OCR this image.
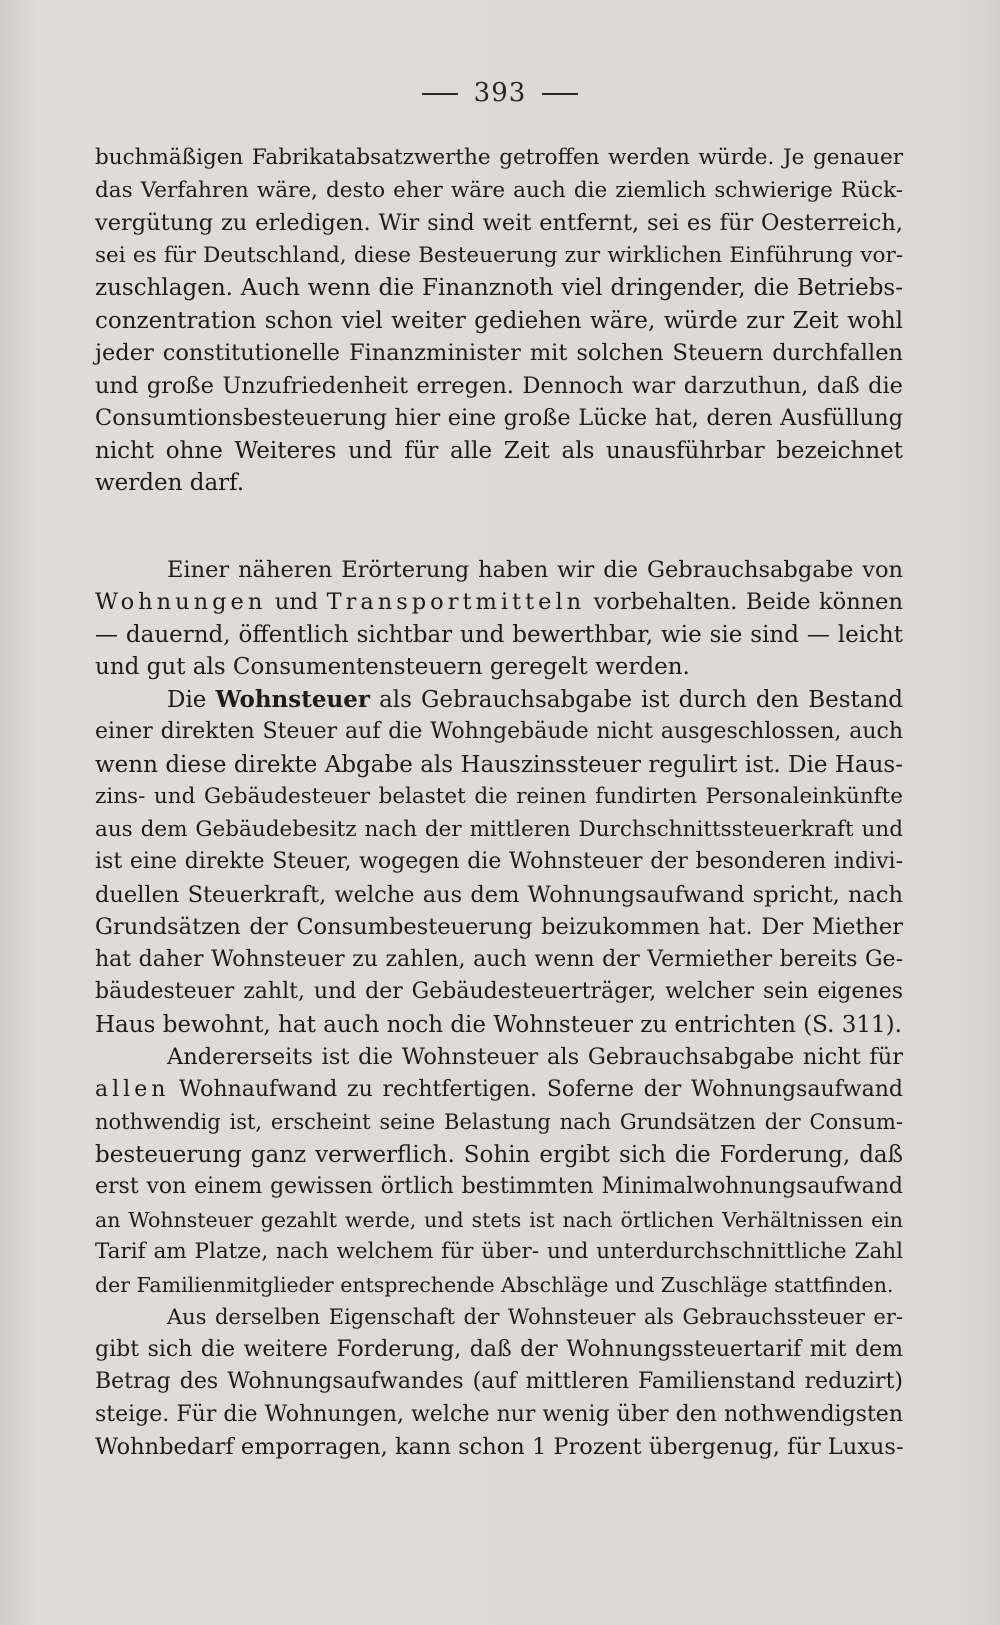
393
buchmäßigen Fabrikatabsatzwerthe getroffen werden würde. Je genauer
das Verfahren wäre, desto eher wäre auch die ziemlich schwierige Rück-
vergütung zu erledigen. Wir sind weit entfernt, sei es für Oesterreich,
sei es für Deutschland, diese Besteuerung zur wirklichen Einführung vor-
zuschlagen. Auch wenn die Finanznoth viel dringender, die Betriebs-
conzentration schon viel weiter gediehen wäre, würde zur Zeit wohl
jeder constitutionelle Finanzminister mit solchen Steuern durchfallen
und große Unzufriedenheit erregen. Dennoch war darzuthun, daß die
Consumtionsbesteuerung hier eine große Lücke hat, deren Ausfüllung
nicht ohne Weiteres und für alle Zeit als unausführbar bezeichnet
werden darf.
Einer näheren Erörterung haben wir die Gebrauchsabgabe von
Wohnungen und Transportmitteln vorbehalten. Beide können
— dauernd, öffentlich sichtbar und bewerthbar, wie sie sind — leicht
und gut als Consumentensteuern geregelt werden.
Die Wohnsteuer als Gebrauchsabgabe ist durch den Bestand
einer direkten Steuer auf die Wohngebäude nicht ausgeschlossen, auch
wenn diese direkte Abgabe als Hauszinssteuer regulirt ist. Die Haus-
zins- und Gebäudesteuer belastet die reinen fundirten Personaleinkünfte
aus dem Gebäudebesitz nach der mittleren Durchschnittssteuerkraft und
ist eine direkte Steuer, wogegen die Wohnsteuer der besonderen indivi-
duellen Steuerkraft, welche aus dem Wohnungsaufwand spricht, nach
Grundsätzen der Consumbesteuerung beizukommen hat. Der Miether
hat daher Wohnsteuer zu zahlen, auch wenn der Vermiether bereits Ge-
bäudesteuer zahlt, und der Gebäudesteuerträger, welcher sein eigenes
Haus bewohnt, hat auch noch die Wohnsteuer zu entrichten (S. 311).
Andererseits ist die Wohnsteuer als Gebrauchsabgabe nicht für
allen Wohnaufwand zu rechtfertigen. Soferne der Wohnungsaufwand
nothwendig ist, erscheint seine Belastung nach Grundsätzen der Consum-
besteuerung ganz verwerflich. Sohin ergibt sich die Forderung, daß
erst von einem gewissen örtlich bestimmten Minimalwohnungsaufwand
an Wohnsteuer gezahlt werde, und stets ist nach örtlichen Verhältnissen ein
Tarif am Platze, nach welchem für über- und unterdurchschnittliche Zahl
der Familienmitglieder entsprechende Abschläge und Zuschläge stattfinden.
Aus derselben Eigenschaft der Wohnsteuer als Gebrauchssteuer er-
gibt sich die weitere Forderung, daß der Wohnungssteuertarif mit dem
Betrag des Wohnungsaufwandes (auf mittleren Familienstand reduzirt)
steige. Für die Wohnungen, welche nur wenig über den nothwendigsten
Wohnbedarf emporragen, kann schon 1 Prozent übergenug, für Luxus-
